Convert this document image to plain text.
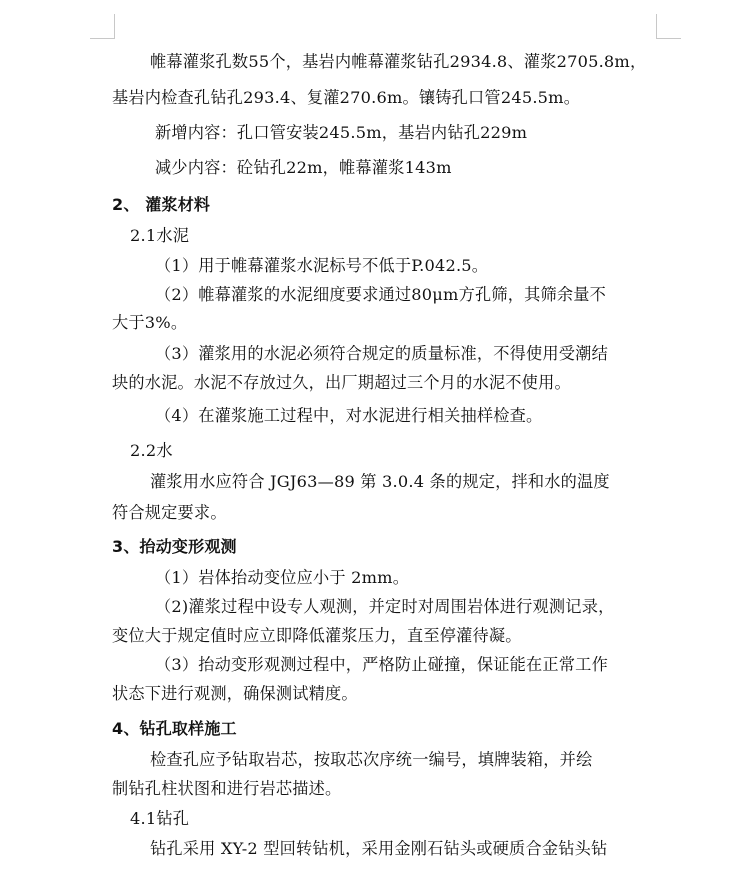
帷幕灌浆孔数55个，基岩内帷幕灌浆钻孔2934.8、灌浆2705.8m，
基岩内检查孔钻孔293.4、复灌270.6m。镶铸孔口管245.5m。
新增内容：孔口管安装245.5m，基岩内钻孔229m
减少内容：砼钻孔22m，帷幕灌浆143m
2、 灌浆材料
2.1水泥
（1）用于帷幕灌浆水泥标号不低于P.042.5。
（2）帷幕灌浆的水泥细度要求通过80μm方孔筛，其筛余量不
大于3%。
（3）灌浆用的水泥必须符合规定的质量标准，不得使用受潮结
块的水泥。水泥不存放过久，出厂期超过三个月的水泥不使用。
（4）在灌浆施工过程中，对水泥进行相关抽样检查。
2.2水
灌浆用水应符合 JGJ63—89 第 3.0.4 条的规定，拌和水的温度
符合规定要求。
3、抬动变形观测
（1）岩体抬动变位应小于 2mm。
（2)灌浆过程中设专人观测，并定时对周围岩体进行观测记录，
变位大于规定值时应立即降低灌浆压力，直至停灌待凝。
（3）抬动变形观测过程中，严格防止碰撞，保证能在正常工作
状态下进行观测，确保测试精度。
4、钻孔取样施工
检查孔应予钻取岩芯，按取芯次序统一编号，填牌装箱，并绘
制钻孔柱状图和进行岩芯描述。
4.1钻孔
钻孔采用 XY-2 型回转钻机，采用金刚石钻头或硬质合金钻头钻
